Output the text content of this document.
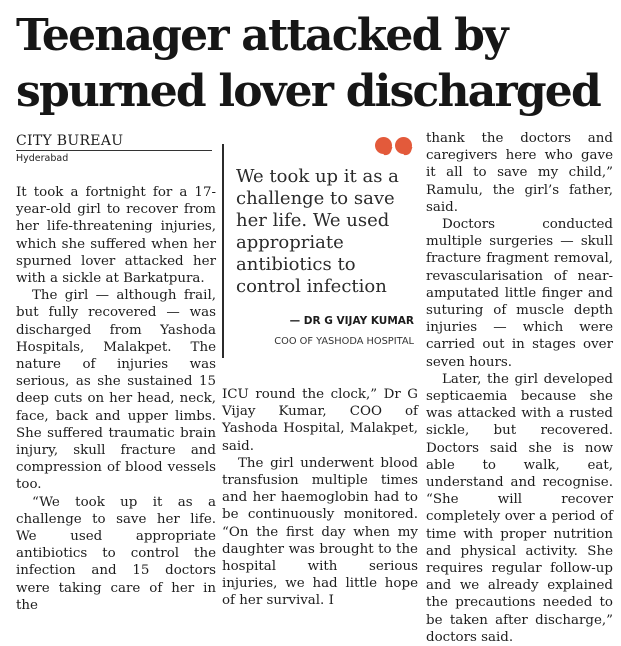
Teenager attacked by
spurned lover discharged
CITY BUREAU
Hyderabad

It took a fortnight for a 17-year-old girl to recover from her life-threatening injuries, which she suffered when her spurned lover attacked her with a sickle at Barkatpura.

The girl — although frail, but fully recovered — was discharged from Yashoda Hospitals, Malakpet. The nature of injuries was serious, as she sustained 15 deep cuts on her head, neck, face, back and upper limbs. She suffered traumatic brain injury, skull fracture and compression of blood vessels too.

“We took up it as a challenge to save her life. We used appropriate antibiotics to control the infection and 15 doctors were taking care of her in the

We took up it as a challenge to save her life. We used appropriate antibiotics to control infection
— DR G VIJAY KUMAR
COO OF YASHODA HOSPITAL

ICU round the clock,” Dr G Vijay Kumar, COO of Yashoda Hospital, Malakpet, said.

The girl underwent blood transfusion multiple times and her haemoglobin had to be continuously monitored. “On the first day when my daughter was brought to the hospital with serious injuries, we had little hope of her survival. I

thank the doctors and caregivers here who gave it all to save my child,” Ramulu, the girl’s father, said.

Doctors conducted multiple surgeries — skull fracture fragment removal, revascularisation of near-amputated little finger and suturing of muscle depth injuries — which were carried out in stages over seven hours.

Later, the girl developed septicaemia because she was attacked with a rusted sickle, but recovered. Doctors said she is now able to walk, eat, understand and recognise. “She will recover completely over a period of time with proper nutrition and physical activity. She requires regular follow-up and we already explained the precautions needed to be taken after discharge,” doctors said.
